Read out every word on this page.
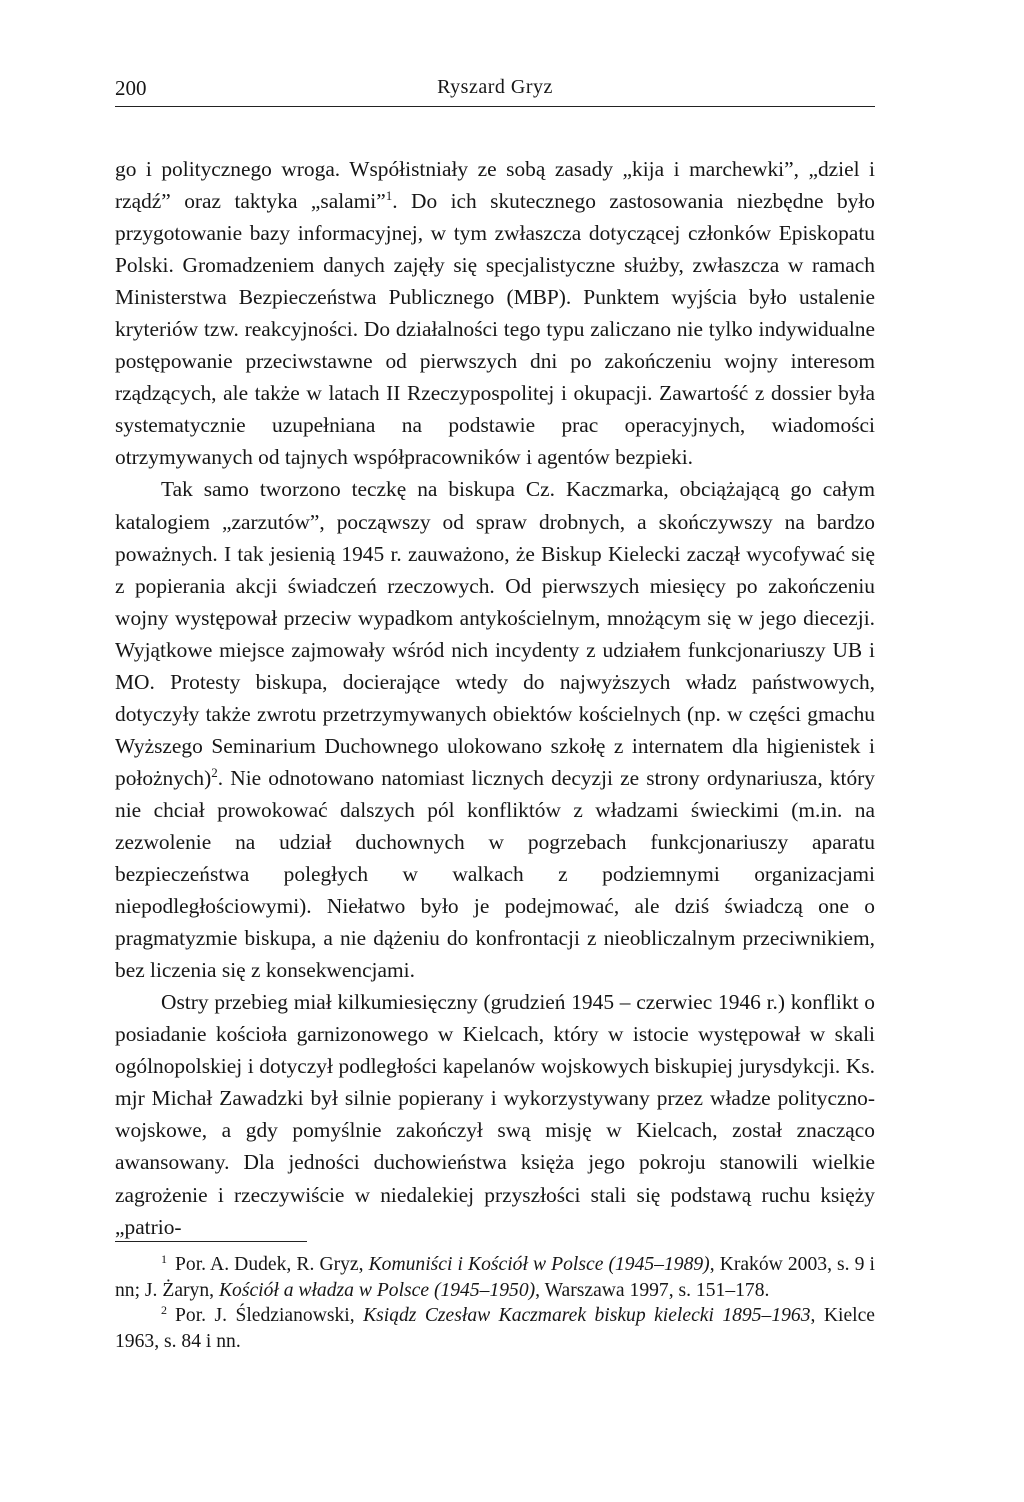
200	Ryszard Gryz

go i politycznego wroga. Współistniały ze sobą zasady „kija i marchewki”, „dziel i rządź” oraz taktyka „salami”$^1$. Do ich skutecznego zastosowania niezbędne było przygotowanie bazy informacyjnej, w tym zwłaszcza dotyczącej członków Episkopatu Polski. Gromadzeniem danych zajęły się specjalistyczne służby, zwłaszcza w ramach Ministerstwa Bezpieczeństwa Publicznego (MBP). Punktem wyjścia było ustalenie kryteriów tzw. reakcyjności. Do działalności tego typu zaliczano nie tylko indywidualne postępowanie przeciwstawne od pierwszych dni po zakończeniu wojny interesom rządzących, ale także w latach II Rzeczypospolitej i okupacji. Zawartość z dossier była systematycznie uzupełniana na podstawie prac operacyjnych, wiadomości otrzymywanych od tajnych współpracowników i agentów bezpieki.

Tak samo tworzono teczkę na biskupa Cz. Kaczmarka, obciążającą go całym katalogiem „zarzutów”, począwszy od spraw drobnych, a skończywszy na bardzo poważnych. I tak jesienią 1945 r. zauważono, że Biskup Kielecki zaczął wycofywać się z popierania akcji świadczeń rzeczowych. Od pierwszych miesięcy po zakończeniu wojny występował przeciw wypadkom antykościelnym, mnożącym się w jego diecezji. Wyjątkowe miejsce zajmowały wśród nich incydenty z udziałem funkcjonariuszy UB i MO. Protesty biskupa, docierające wtedy do najwyższych władz państwowych, dotyczyły także zwrotu przetrzymywanych obiektów kościelnych (np. w części gmachu Wyższego Seminarium Duchownego ulokowano szkołę z internatem dla higienistek i położnych)$^2$. Nie odnotowano natomiast licznych decyzji ze strony ordynariusza, który nie chciał prowokować dalszych pól konfliktów z władzami świeckimi (m.in. na zezwolenie na udział duchownych w pogrzebach funkcjonariuszy aparatu bezpieczeństwa poległych w walkach z podziemnymi organizacjami niepodległościowymi). Niełatwo było je podejmować, ale dziś świadczą one o pragmatyzmie biskupa, a nie dążeniu do konfrontacji z nieobliczalnym przeciwnikiem, bez liczenia się z konsekwencjami.

Ostry przebieg miał kilkumiesięczny (grudzień 1945 – czerwiec 1946 r.) konflikt o posiadanie kościoła garnizonowego w Kielcach, który w istocie występował w skali ogólnopolskiej i dotyczył podległości kapelanów wojskowych biskupiej jurysdykcji. Ks. mjr Michał Zawadzki był silnie popierany i wykorzystywany przez władze polityczno-wojskowe, a gdy pomyślnie zakończył swą misję w Kielcach, został znacząco awansowany. Dla jedności duchowieństwa księża jego pokroju stanowili wielkie zagrożenie i rzeczywiście w niedalekiej przyszłości stali się podstawą ruchu księży „patrio-

$^1$ Por. A. Dudek, R. Gryz, Komuniści i Kościół w Polsce (1945–1989), Kraków 2003, s. 9 i nn; J. Żaryn, Kościół a władza w Polsce (1945–1950), Warszawa 1997, s. 151–178.

$^2$ Por. J. Śledzianowski, Ksiądz Czesław Kaczmarek biskup kielecki 1895–1963, Kielce 1963, s. 84 i nn.
